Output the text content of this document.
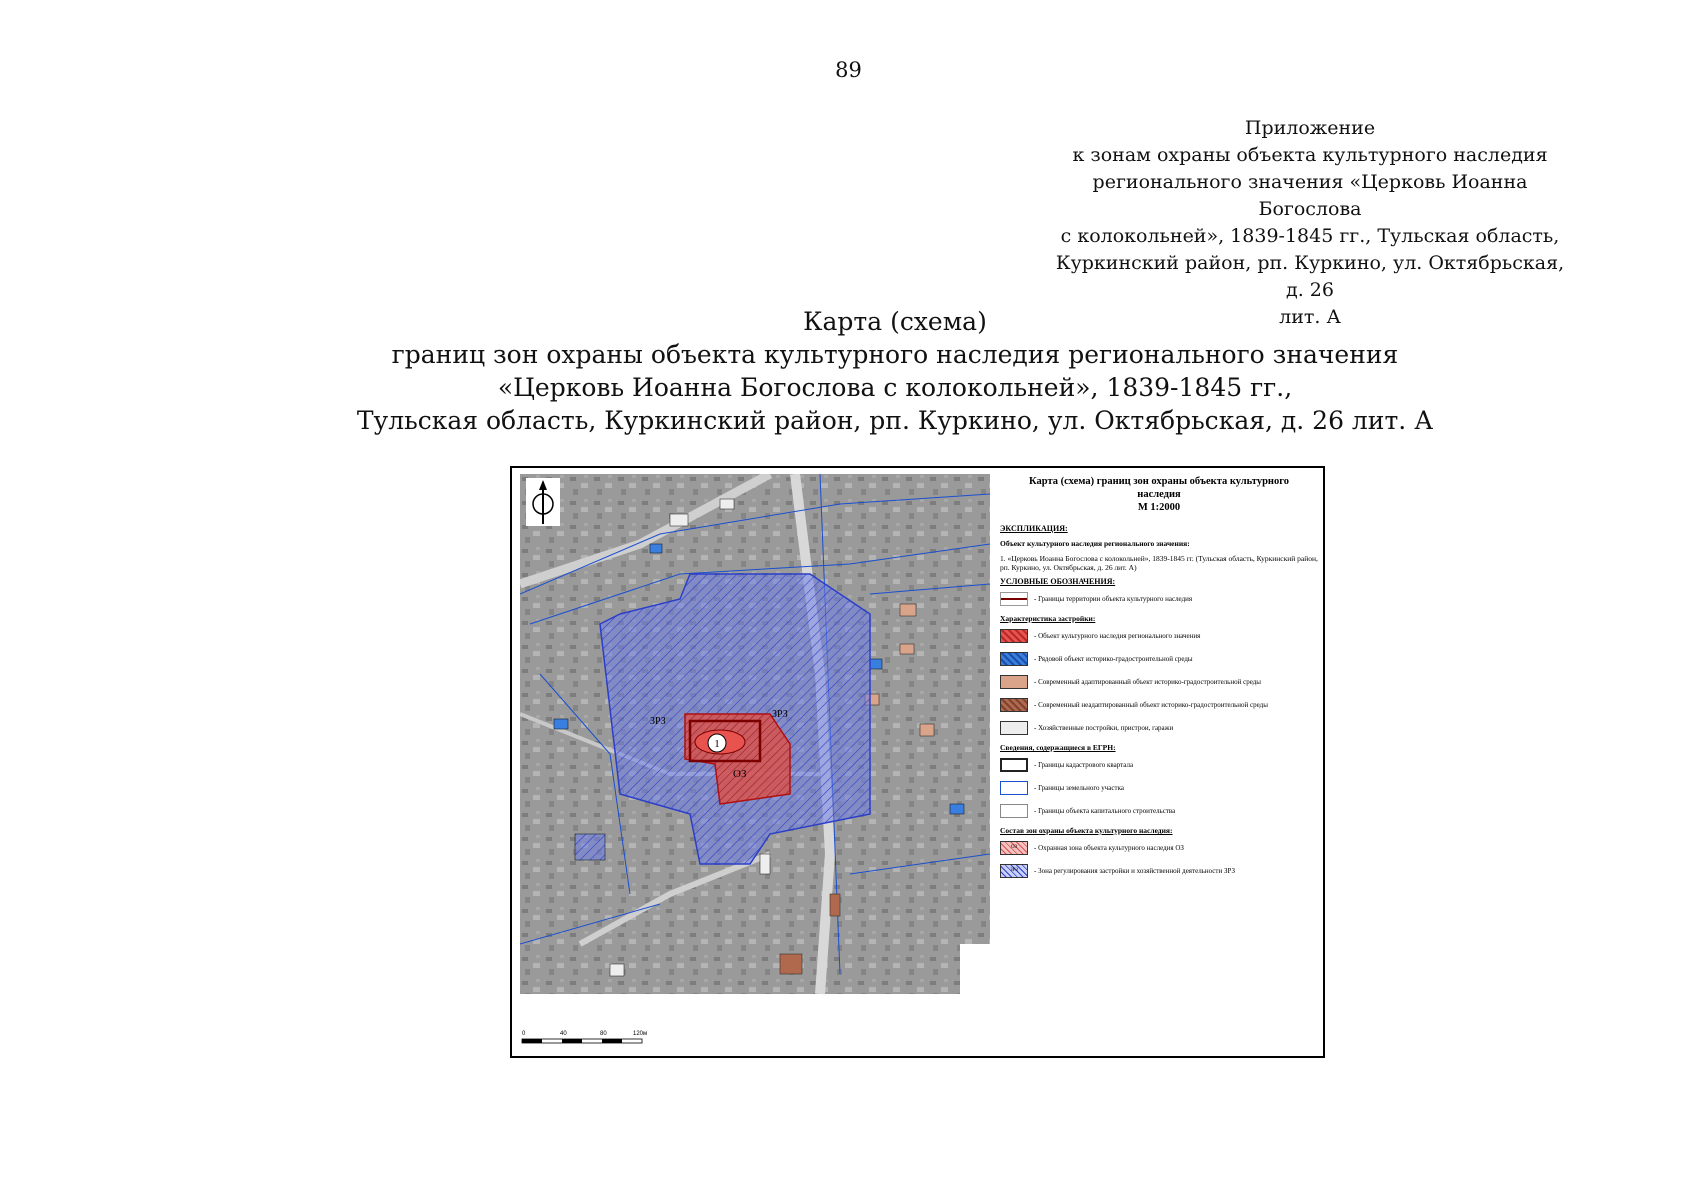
89
Приложение
к зонам охраны объекта культурного наследия
регионального значения «Церковь Иоанна Богослова
с колокольней», 1839-1845 гг., Тульская область,
Куркинский район, рп. Куркино, ул. Октябрьская, д. 26
лит. А
Карта (схема)
границ зон охраны объекта культурного наследия регионального значения
«Церковь Иоанна Богослова с колокольней», 1839-1845 гг.,
Тульская область, Куркинский район, рп. Куркино, ул. Октябрьская, д. 26 лит. А
1
ЗРЗ
ЗРЗ
ОЗ
0	40	80	120м
Карта (схема) границ зон охраны объекта культурного
наследия
М 1:2000
ЭКСПЛИКАЦИЯ:
Объект культурного наследия регионального значения:
1. «Церковь Иоанна Богослова с колокольней», 1839-1845 гг. (Тульская область, Куркинский район, рп. Куркино, ул. Октябрьская, д. 26 лит. А)
УСЛОВНЫЕ ОБОЗНАЧЕНИЯ:
- Границы территории объекта культурного наследия
Характеристика застройки:
- Объект культурного наследия регионального значения
- Рядовой объект историко-градостроительной среды
- Современный адаптированный объект историко-градостроительной среды
- Современный неадаптированный объект историко-градостроительной среды
- Хозяйственные постройки, пристрои, гаражи
Сведения, содержащиеся в ЕГРН:
- Границы кадастрового квартала
- Границы земельного участка
- Границы объекта капитального строительства
Состав зон охраны объекта культурного наследия:
ОЗ	- Охранная зона объекта культурного наследия ОЗ
ЗРЗ	- Зона регулирования застройки и хозяйственной деятельности ЗРЗ
